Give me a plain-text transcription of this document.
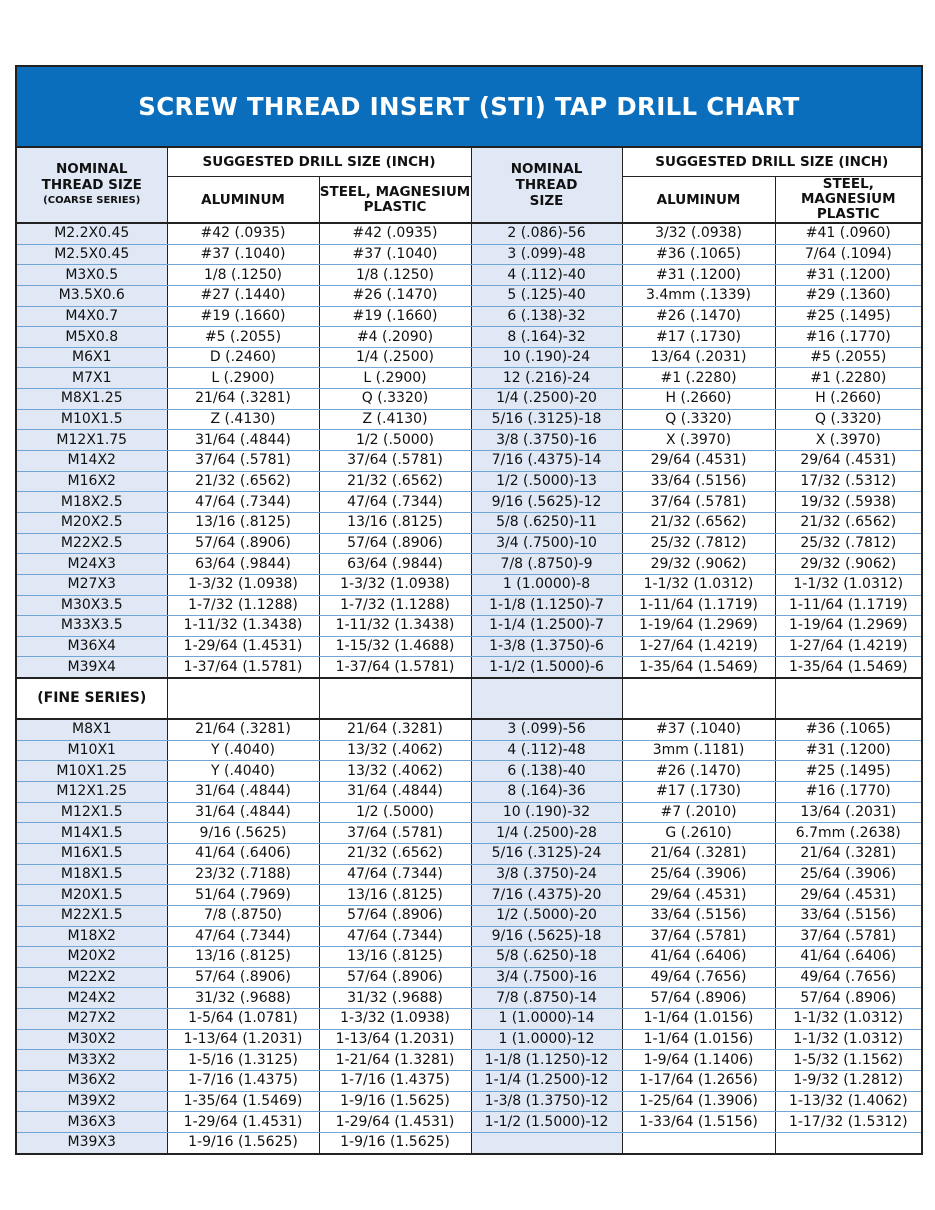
SCREW THREAD INSERT (STI) TAP DRILL CHART
NOMINAL THREAD SIZE
(COARSE SERIES)	SUGGESTED DRILL SIZE (INCH)		NOMINAL THREAD SIZE	SUGGESTED DRILL SIZE (INCH)	
	ALUMINUM	STEEL, MAGNESIUM PLASTIC		ALUMINUM	STEEL, MAGNESIUM PLASTIC

M2.2X0.45	#42 (.0935)	#42 (.0935)	2 (.086)-56	3/32 (.0938)	#41 (.0960)
M2.5X0.45	#37 (.1040)	#37 (.1040)	3 (.099)-48	#36 (.1065)	7/64 (.1094)
M3X0.5	1/8 (.1250)	1/8 (.1250)	4 (.112)-40	#31 (.1200)	#31 (.1200)
M3.5X0.6	#27 (.1440)	#26 (.1470)	5 (.125)-40	3.4mm (.1339)	#29 (.1360)
M4X0.7	#19 (.1660)	#19 (.1660)	6 (.138)-32	#26 (.1470)	#25 (.1495)
M5X0.8	#5 (.2055)	#4 (.2090)	8 (.164)-32	#17 (.1730)	#16 (.1770)
M6X1	D (.2460)	1/4 (.2500)	10 (.190)-24	13/64 (.2031)	#5 (.2055)
M7X1	L (.2900)	L (.2900)	12 (.216)-24	#1 (.2280)	#1 (.2280)
M8X1.25	21/64 (.3281)	Q (.3320)	1/4 (.2500)-20	H (.2660)	H (.2660)
M10X1.5	Z (.4130)	Z (.4130)	5/16 (.3125)-18	Q (.3320)	Q (.3320)
M12X1.75	31/64 (.4844)	1/2 (.5000)	3/8 (.3750)-16	X (.3970)	X (.3970)
M14X2	37/64 (.5781)	37/64 (.5781)	7/16 (.4375)-14	29/64 (.4531)	29/64 (.4531)
M16X2	21/32 (.6562)	21/32 (.6562)	1/2 (.5000)-13	33/64 (.5156)	17/32 (.5312)
M18X2.5	47/64 (.7344)	47/64 (.7344)	9/16 (.5625)-12	37/64 (.5781)	19/32 (.5938)
M20X2.5	13/16 (.8125)	13/16 (.8125)	5/8 (.6250)-11	21/32 (.6562)	21/32 (.6562)
M22X2.5	57/64 (.8906)	57/64 (.8906)	3/4 (.7500)-10	25/32 (.7812)	25/32 (.7812)
M24X3	63/64 (.9844)	63/64 (.9844)	7/8 (.8750)-9	29/32 (.9062)	29/32 (.9062)
M27X3	1-3/32 (1.0938)	1-3/32 (1.0938)	1 (1.0000)-8	1-1/32 (1.0312)	1-1/32 (1.0312)
M30X3.5	1-7/32 (1.1288)	1-7/32 (1.1288)	1-1/8 (1.1250)-7	1-11/64 (1.1719)	1-11/64 (1.1719)
M33X3.5	1-11/32 (1.3438)	1-11/32 (1.3438)	1-1/4 (1.2500)-7	1-19/64 (1.2969)	1-19/64 (1.2969)
M36X4	1-29/64 (1.4531)	1-15/32 (1.4688)	1-3/8 (1.3750)-6	1-27/64 (1.4219)	1-27/64 (1.4219)
M39X4	1-37/64 (1.5781)	1-37/64 (1.5781)	1-1/2 (1.5000)-6	1-35/64 (1.5469)	1-35/64 (1.5469)
(FINE SERIES)					
M8X1	21/64 (.3281)	21/64 (.3281)	3 (.099)-56	#37 (.1040)	#36 (.1065)
M10X1	Y (.4040)	13/32 (.4062)	4 (.112)-48	3mm (.1181)	#31 (.1200)
M10X1.25	Y (.4040)	13/32 (.4062)	6 (.138)-40	#26 (.1470)	#25 (.1495)
M12X1.25	31/64 (.4844)	31/64 (.4844)	8 (.164)-36	#17 (.1730)	#16 (.1770)
M12X1.5	31/64 (.4844)	1/2 (.5000)	10 (.190)-32	#7 (.2010)	13/64 (.2031)
M14X1.5	9/16 (.5625)	37/64 (.5781)	1/4 (.2500)-28	G (.2610)	6.7mm (.2638)
M16X1.5	41/64 (.6406)	21/32 (.6562)	5/16 (.3125)-24	21/64 (.3281)	21/64 (.3281)
M18X1.5	23/32 (.7188)	47/64 (.7344)	3/8 (.3750)-24	25/64 (.3906)	25/64 (.3906)
M20X1.5	51/64 (.7969)	13/16 (.8125)	7/16 (.4375)-20	29/64 (.4531)	29/64 (.4531)
M22X1.5	7/8 (.8750)	57/64 (.8906)	1/2 (.5000)-20	33/64 (.5156)	33/64 (.5156)
M18X2	47/64 (.7344)	47/64 (.7344)	9/16 (.5625)-18	37/64 (.5781)	37/64 (.5781)
M20X2	13/16 (.8125)	13/16 (.8125)	5/8 (.6250)-18	41/64 (.6406)	41/64 (.6406)
M22X2	57/64 (.8906)	57/64 (.8906)	3/4 (.7500)-16	49/64 (.7656)	49/64 (.7656)
M24X2	31/32 (.9688)	31/32 (.9688)	7/8 (.8750)-14	57/64 (.8906)	57/64 (.8906)
M27X2	1-5/64 (1.0781)	1-3/32 (1.0938)	1 (1.0000)-14	1-1/64 (1.0156)	1-1/32 (1.0312)
M30X2	1-13/64 (1.2031)	1-13/64 (1.2031)	1 (1.0000)-12	1-1/64 (1.0156)	1-1/32 (1.0312)
M33X2	1-5/16 (1.3125)	1-21/64 (1.3281)	1-1/8 (1.1250)-12	1-9/64 (1.1406)	1-5/32 (1.1562)
M36X2	1-7/16 (1.4375)	1-7/16 (1.4375)	1-1/4 (1.2500)-12	1-17/64 (1.2656)	1-9/32 (1.2812)
M39X2	1-35/64 (1.5469)	1-9/16 (1.5625)	1-3/8 (1.3750)-12	1-25/64 (1.3906)	1-13/32 (1.4062)
M36X3	1-29/64 (1.4531)	1-29/64 (1.4531)	1-1/2 (1.5000)-12	1-33/64 (1.5156)	1-17/32 (1.5312)
M39X3	1-9/16 (1.5625)	1-9/16 (1.5625)			
